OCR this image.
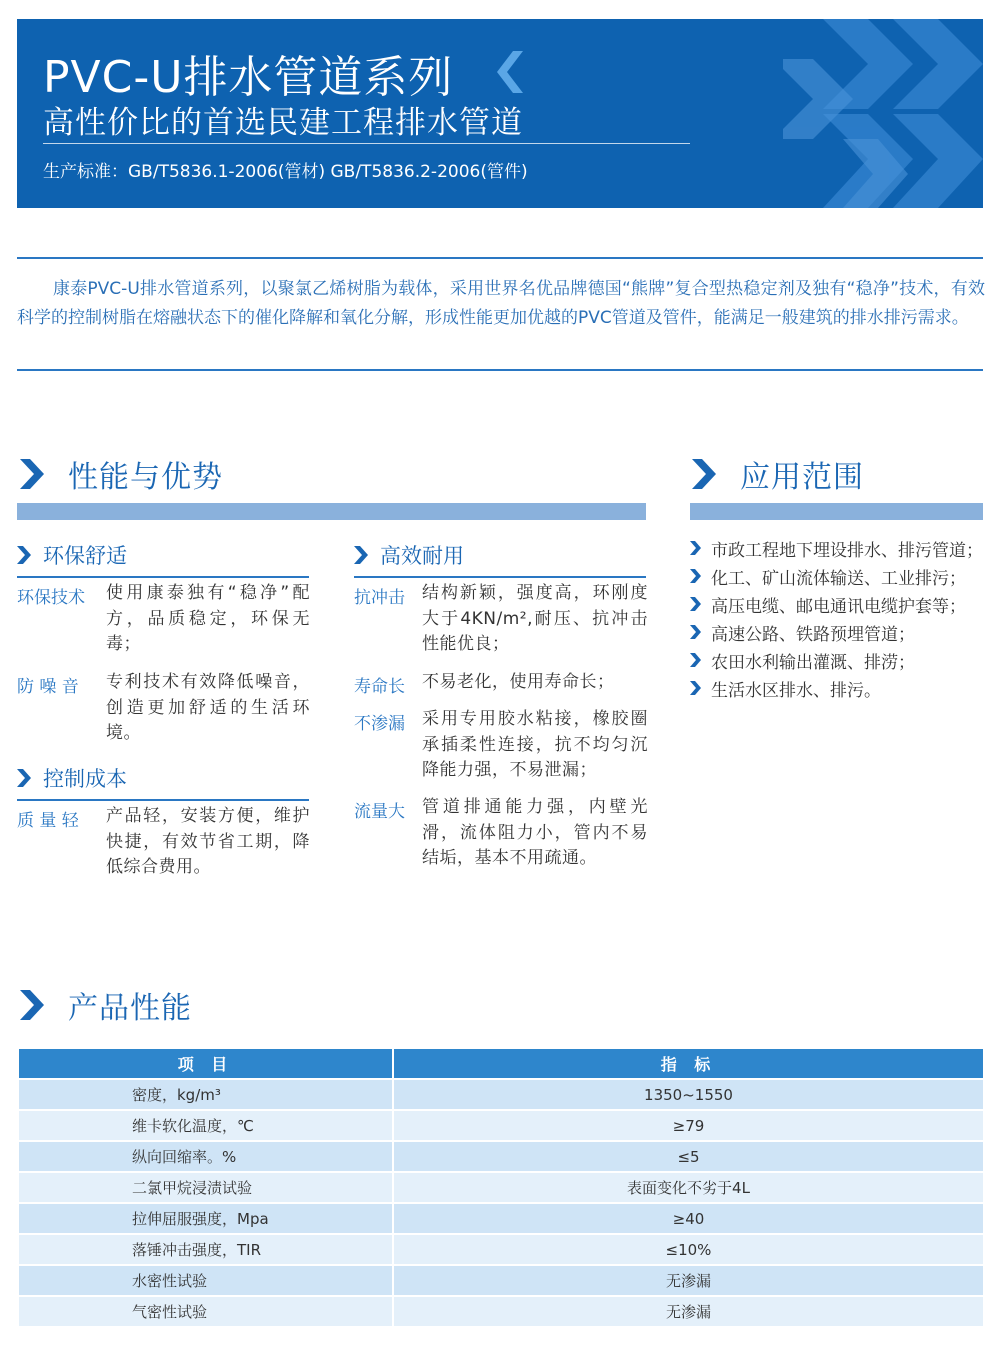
PVC-U排水管道系列
高性价比的首选民建工程排水管道
生产标准：GB/T5836.1-2006(管材) GB/T5836.2-2006(管件)

康泰PVC-U排水管道系列，以聚氯乙烯树脂为载体，采用世界名优品牌德国“熊牌”复合型热稳定剂及独有“稳净”技术，有效科学的控制树脂在熔融状态下的催化降解和氧化分解，形成性能更加优越的PVC管道及管件，能满足一般建筑的排水排污需求。

性能与优势
环保舒适
环保技术 使用康泰独有“稳净”配方，品质稳定，环保无毒；
防 噪 音 专利技术有效降低噪音，创造更加舒适的生活环境。
控制成本
质 量 轻 产品轻，安装方便，维护快捷，有效节省工期，降低综合费用。
高效耐用
抗冲击 结构新颖，强度高，环刚度大于4KN/m²,耐压、抗冲击性能优良；
寿命长 不易老化，使用寿命长；
不渗漏 采用专用胶水粘接，橡胶圈承插柔性连接，抗不均匀沉降能力强，不易泄漏；
流量大 管道排通能力强，内壁光滑，流体阻力小，管内不易结垢，基本不用疏通。
应用范围
市政工程地下埋设排水、排污管道；
化工、矿山流体输送、工业排污；
高压电缆、邮电通讯电缆护套等；
高速公路、铁路预埋管道；
农田水利输出灌溉、排涝；
生活水区排水、排污。
产品性能
项 目	指 标
密度，kg/m³	1350~1550
维卡软化温度，℃	≥79
纵向回缩率。%	≤5
二氯甲烷浸渍试验	表面变化不劣于4L
拉伸屈服强度，Mpa	≥40
落锤冲击强度，TIR	≤10%
水密性试验	无渗漏
气密性试验	无渗漏
